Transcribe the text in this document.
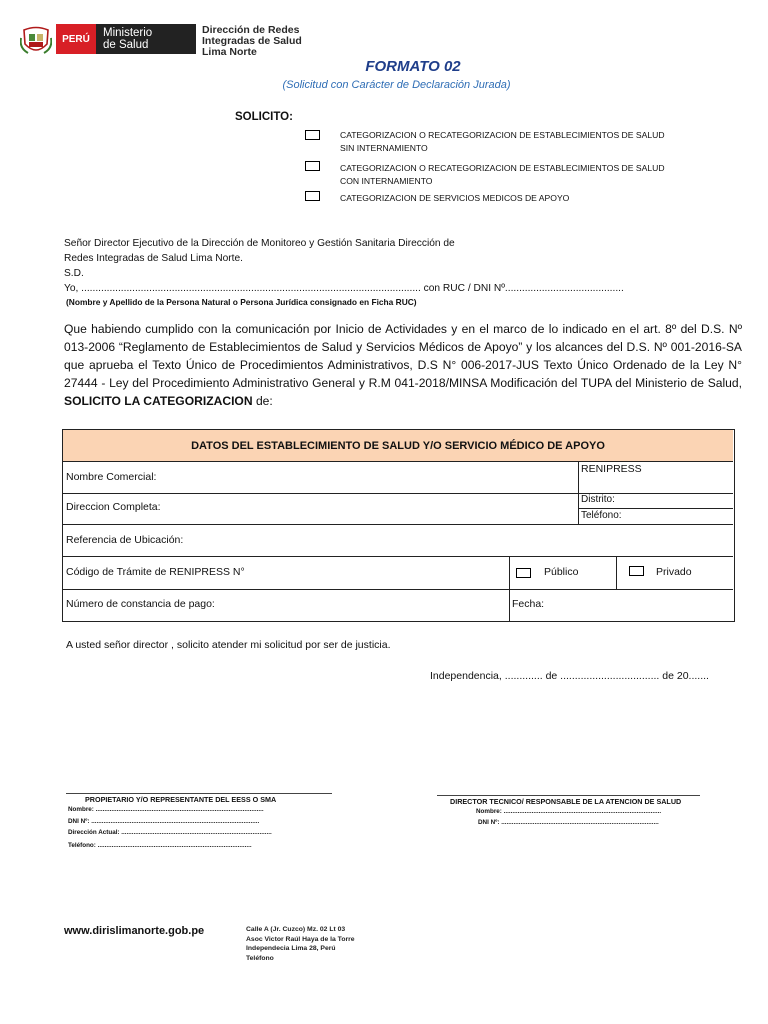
PERÚ	Ministerio
de Salud
Dirección de Redes
Integradas de Salud
Lima Norte
FORMATO 02
(Solicitud con Carácter de Declaración Jurada)
SOLICITO:
CATEGORIZACION O RECATEGORIZACION DE ESTABLECIMIENTOS DE SALUD
SIN INTERNAMIENTO
CATEGORIZACION O RECATEGORIZACION DE ESTABLECIMIENTOS DE SALUD
CON INTERNAMIENTO
CATEGORIZACION DE SERVICIOS MEDICOS DE APOYO
Señor Director Ejecutivo de la Dirección de Monitoreo y Gestión Sanitaria Dirección de
Redes Integradas de Salud Lima Norte.
S.D.
Yo, ........................................................................................................................ con RUC / DNI Nº..........................................
(Nombre y Apellido de la Persona Natural o Persona Jurídica consignado en Ficha RUC)
Que habiendo cumplido con la comunicación por Inicio de Actividades y en el marco de lo indicado en el art. 8º del D.S. Nº 013-2006 “Reglamento de Establecimientos de Salud y Servicios Médicos de Apoyo” y los alcances del D.S. Nº 001-2016-SA que aprueba el Texto Único de Procedimientos Administrativos, D.S N° 006-2017-JUS Texto Único Ordenado de la Ley N° 27444 - Ley del Procedimiento Administrativo General y R.M 041-2018/MINSA Modificación del TUPA del Ministerio de Salud, SOLICITO LA CATEGORIZACION de:
DATOS DEL ESTABLECIMIENTO DE SALUD Y/O SERVICIO MÉDICO DE APOYO
Nombre Comercial:
RENIPRESS
Direccion Completa:
Distrito:
Teléfono:
Referencia de Ubicación:
Código de Trámite de RENIPRESS N°	Público	Privado
Número de constancia de pago:	Fecha:
A usted señor director , solicito atender mi solicitud por ser de justicia.
Independencia, ............. de .................................. de 20.......
PROPIETARIO Y/O REPRESENTANTE DEL EESS O SMA
Nombre: ................................................................................................
DNI Nº: ................................................................................................
Dirección Actual: ......................................................................................
Teléfono: ........................................................................................
DIRECTOR TECNICO/ RESPONSABLE DE LA ATENCION DE SALUD
Nombre: ..........................................................................................
DNI Nº: ..........................................................................................
www.dirislimanorte.gob.pe	Calle A (Jr. Cuzco) Mz. 02 Lt 03
Asoc Victor Raúl Haya de la Torre
Independecia Lima 28, Perú
Teléfono
